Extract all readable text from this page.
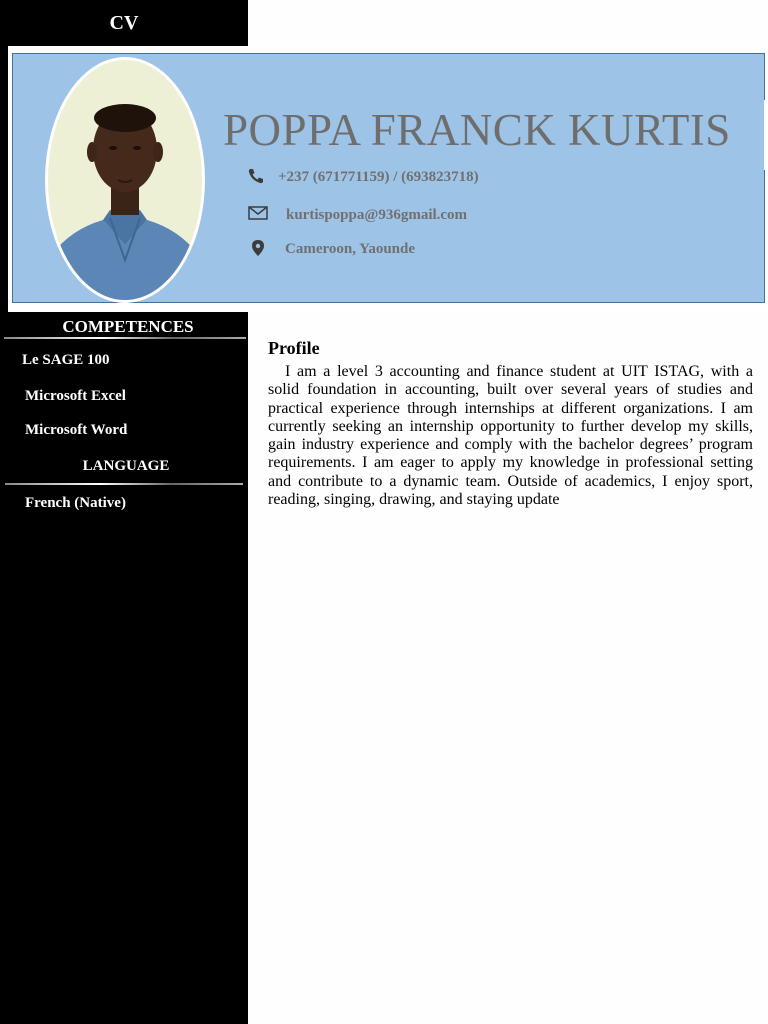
CV
POPPA FRANCK KURTIS
+237 (671771159) / (693823718)
kurtispoppa@936gmail.com
Cameroon, Yaounde
COMPETENCES
Le SAGE 100
Microsoft Excel
Microsoft Word
LANGUAGE
French (Native)
Profile
I am a level 3 accounting and finance student at UIT ISTAG, with a solid foundation in accounting, built over several years of studies and practical experience through internships at different organizations. I am currently seeking an internship opportunity to further develop my skills, gain industry experience and comply with the bachelor degrees’ program requirements. I am eager to apply my knowledge in professional setting and contribute to a dynamic team. Outside of academics, I enjoy sport, reading, singing, drawing, and staying update
